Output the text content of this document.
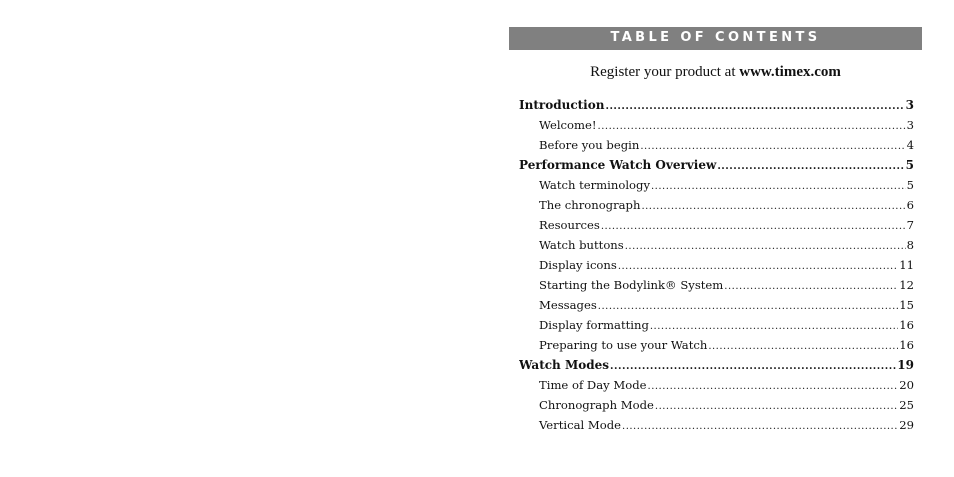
TABLE OF CONTENTS
Register your product at www.timex.com
Introduction .....	3
Welcome! .....	3
Before you begin .....	4
Performance Watch Overview .....	5
Watch terminology .....	5
The chronograph .....	6
Resources .....	7
Watch buttons .....	8
Display icons .....	11
Starting the Bodylink® System .....	12
Messages .....	15
Display formatting .....	16
Preparing to use your Watch .....	16
Watch Modes .....	19
Time of Day Mode .....	20
Chronograph Mode .....	25
Vertical Mode .....	29
